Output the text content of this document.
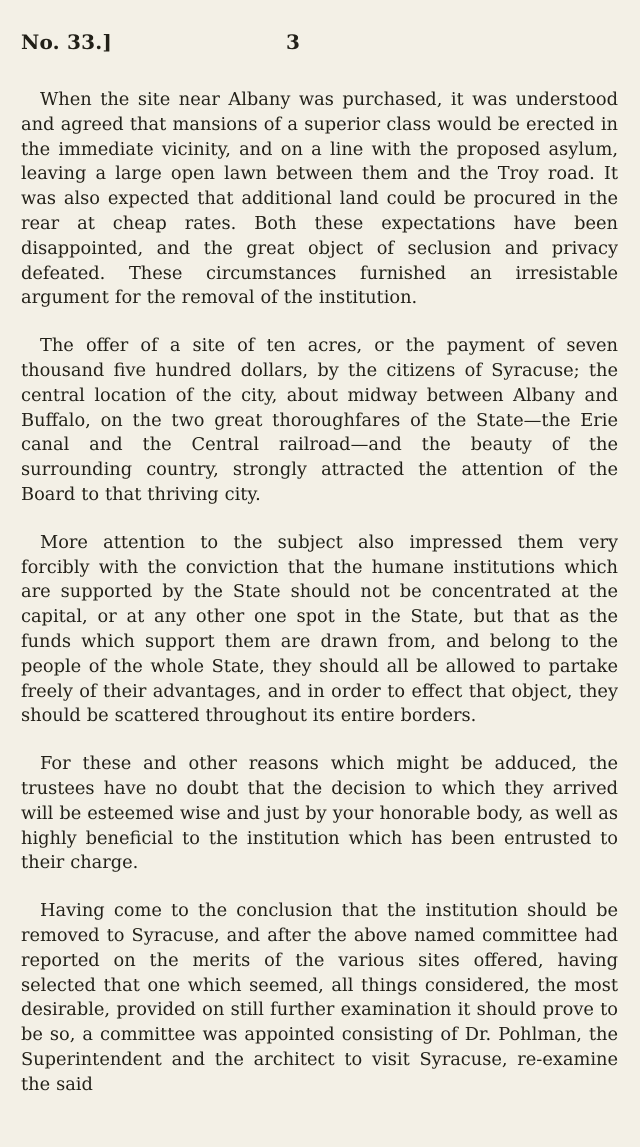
No. 33.]	3

When the site near Albany was purchased, it was understood and agreed that mansions of a superior class would be erected in the immediate vicinity, and on a line with the proposed asylum, leaving a large open lawn between them and the Troy road. It was also expected that additional land could be procured in the rear at cheap rates. Both these expectations have been disappointed, and the great object of seclusion and privacy defeated. These circumstances furnished an irresistable argument for the removal of the institution.

The offer of a site of ten acres, or the payment of seven thousand five hundred dollars, by the citizens of Syracuse; the central location of the city, about midway between Albany and Buffalo, on the two great thoroughfares of the State—the Erie canal and the Central railroad—and the beauty of the surrounding country, strongly attracted the attention of the Board to that thriving city.

More attention to the subject also impressed them very forcibly with the conviction that the humane institutions which are supported by the State should not be concentrated at the capital, or at any other one spot in the State, but that as the funds which support them are drawn from, and belong to the people of the whole State, they should all be allowed to partake freely of their advantages, and in order to effect that object, they should be scattered throughout its entire borders.

For these and other reasons which might be adduced, the trustees have no doubt that the decision to which they arrived will be esteemed wise and just by your honorable body, as well as highly beneficial to the institution which has been entrusted to their charge.

Having come to the conclusion that the institution should be removed to Syracuse, and after the above named committee had reported on the merits of the various sites offered, having selected that one which seemed, all things considered, the most desirable, provided on still further examination it should prove to be so, a committee was appointed consisting of Dr. Pohlman, the Superintendent and the architect to visit Syracuse, re-examine the said
